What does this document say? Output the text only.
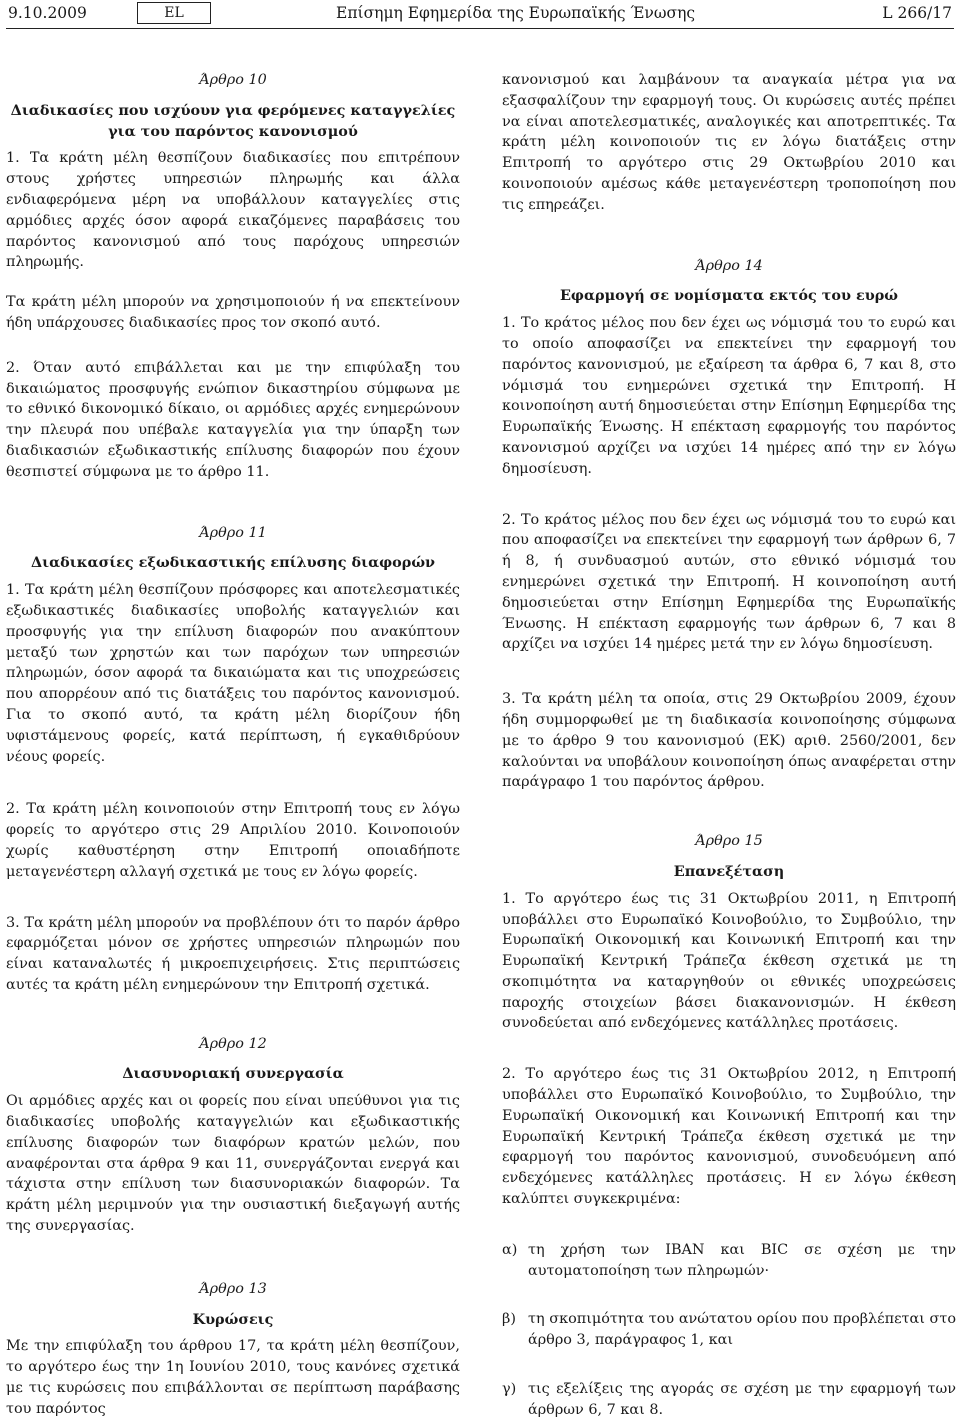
9.10.2009	EL	Επίσημη Εφημερίδα της Ευρωπαϊκής Ένωσης	L 266/17
Άρθρο 10
Διαδικασίες που ισχύουν για φερόμενες καταγγελίες για του παρόντος κανονισμού

1. Τα κράτη μέλη θεσπίζουν διαδικασίες που επιτρέπουν στους χρήστες υπηρεσιών πληρωμής και άλλα ενδιαφερόμενα μέρη να υποβάλλουν καταγγελίες στις αρμόδιες αρχές όσον αφορά εικαζόμενες παραβάσεις του παρόντος κανονισμού από τους παρόχους υπηρεσιών πληρωμής.

Τα κράτη μέλη μπορούν να χρησιμοποιούν ή να επεκτείνουν ήδη υπάρχουσες διαδικασίες προς τον σκοπό αυτό.

2. Όταν αυτό επιβάλλεται και με την επιφύλαξη του δικαιώματος προσφυγής ενώπιον δικαστηρίου σύμφωνα με το εθνικό δικονομικό δίκαιο, οι αρμόδιες αρχές ενημερώνουν την πλευρά που υπέβαλε καταγγελία για την ύπαρξη των διαδικασιών εξωδικαστικής επίλυσης διαφορών που έχουν θεσπιστεί σύμφωνα με το άρθρο 11.

Άρθρο 11
Διαδικασίες εξωδικαστικής επίλυσης διαφορών

1. Τα κράτη μέλη θεσπίζουν πρόσφορες και αποτελεσματικές εξωδικαστικές διαδικασίες υποβολής καταγγελιών και προσφυγής για την επίλυση διαφορών που ανακύπτουν μεταξύ των χρηστών και των παρόχων των υπηρεσιών πληρωμών, όσον αφορά τα δικαιώματα και τις υποχρεώσεις που απορρέουν από τις διατάξεις του παρόντος κανονισμού. Για το σκοπό αυτό, τα κράτη μέλη διορίζουν ήδη υφιστάμενους φορείς, κατά περίπτωση, ή εγκαθιδρύουν νέους φορείς.

2. Τα κράτη μέλη κοινοποιούν στην Επιτροπή τους εν λόγω φορείς το αργότερο στις 29 Απριλίου 2010. Κοινοποιούν χωρίς καθυστέρηση στην Επιτροπή οποιαδήποτε μεταγενέστερη αλλαγή σχετικά με τους εν λόγω φορείς.

3. Τα κράτη μέλη μπορούν να προβλέπουν ότι το παρόν άρθρο εφαρμόζεται μόνον σε χρήστες υπηρεσιών πληρωμών που είναι καταναλωτές ή μικροεπιχειρήσεις. Στις περιπτώσεις αυτές τα κράτη μέλη ενημερώνουν την Επιτροπή σχετικά.

Άρθρο 12
Διασυνοριακή συνεργασία

Οι αρμόδιες αρχές και οι φορείς που είναι υπεύθυνοι για τις διαδικασίες υποβολής καταγγελιών και εξωδικαστικής επίλυσης διαφορών των διαφόρων κρατών μελών, που αναφέρονται στα άρθρα 9 και 11, συνεργάζονται ενεργά και τάχιστα στην επίλυση των διασυνοριακών διαφορών. Τα κράτη μέλη μεριμνούν για την ουσιαστική διεξαγωγή αυτής της συνεργασίας.

Άρθρο 13
Κυρώσεις

Με την επιφύλαξη του άρθρου 17, τα κράτη μέλη θεσπίζουν, το αργότερο έως την 1η Ιουνίου 2010, τους κανόνες σχετικά με τις κυρώσεις που επιβάλλονται σε περίπτωση παράβασης του παρόντος

κανονισμού και λαμβάνουν τα αναγκαία μέτρα για να εξασφαλίζουν την εφαρμογή τους. Οι κυρώσεις αυτές πρέπει να είναι αποτελεσματικές, αναλογικές και αποτρεπτικές. Τα κράτη μέλη κοινοποιούν τις εν λόγω διατάξεις στην Επιτροπή το αργότερο στις 29 Οκτωβρίου 2010 και κοινοποιούν αμέσως κάθε μεταγενέστερη τροποποίηση που τις επηρεάζει.

Άρθρο 14
Εφαρμογή σε νομίσματα εκτός του ευρώ

1. Το κράτος μέλος που δεν έχει ως νόμισμά του το ευρώ και το οποίο αποφασίζει να επεκτείνει την εφαρμογή του παρόντος κανονισμού, με εξαίρεση τα άρθρα 6, 7 και 8, στο νόμισμά του ενημερώνει σχετικά την Επιτροπή. Η κοινοποίηση αυτή δημοσιεύεται στην Επίσημη Εφημερίδα της Ευρωπαϊκής Ένωσης. Η επέκταση εφαρμογής του παρόντος κανονισμού αρχίζει να ισχύει 14 ημέρες από την εν λόγω δημοσίευση.

2. Το κράτος μέλος που δεν έχει ως νόμισμά του το ευρώ και που αποφασίζει να επεκτείνει την εφαρμογή των άρθρων 6, 7 ή 8, ή συνδυασμού αυτών, στο εθνικό νόμισμά του ενημερώνει σχετικά την Επιτροπή. Η κοινοποίηση αυτή δημοσιεύεται στην Επίσημη Εφημερίδα της Ευρωπαϊκής Ένωσης. Η επέκταση εφαρμογής των άρθρων 6, 7 και 8 αρχίζει να ισχύει 14 ημέρες μετά την εν λόγω δημοσίευση.

3. Τα κράτη μέλη τα οποία, στις 29 Οκτωβρίου 2009, έχουν ήδη συμμορφωθεί με τη διαδικασία κοινοποίησης σύμφωνα με το άρθρο 9 του κανονισμού (ΕΚ) αριθ. 2560/2001, δεν καλούνται να υποβάλουν κοινοποίηση όπως αναφέρεται στην παράγραφο 1 του παρόντος άρθρου.

Άρθρο 15
Επανεξέταση

1. Το αργότερο έως τις 31 Οκτωβρίου 2011, η Επιτροπή υποβάλλει στο Ευρωπαϊκό Κοινοβούλιο, το Συμβούλιο, την Ευρωπαϊκή Οικονομική και Κοινωνική Επιτροπή και την Ευρωπαϊκή Κεντρική Τράπεζα έκθεση σχετικά με τη σκοπιμότητα να καταργηθούν οι εθνικές υποχρεώσεις παροχής στοιχείων βάσει διακανονισμών. Η έκθεση συνοδεύεται από ενδεχόμενες κατάλληλες προτάσεις.

2. Το αργότερο έως τις 31 Οκτωβρίου 2012, η Επιτροπή υποβάλλει στο Ευρωπαϊκό Κοινοβούλιο, το Συμβούλιο, την Ευρωπαϊκή Οικονομική και Κοινωνική Επιτροπή και την Ευρωπαϊκή Κεντρική Τράπεζα έκθεση σχετικά με την εφαρμογή του παρόντος κανονισμού, συνοδευόμενη από ενδεχόμενες κατάλληλες προτάσεις. Η εν λόγω έκθεση καλύπτει συγκεκριμένα:

α) τη χρήση των IBAN και BIC σε σχέση με την αυτοματοποίηση των πληρωμών·
β) τη σκοπιμότητα του ανώτατου ορίου που προβλέπεται στο άρθρο 3, παράγραφος 1, και
γ) τις εξελίξεις της αγοράς σε σχέση με την εφαρμογή των άρθρων 6, 7 και 8.
